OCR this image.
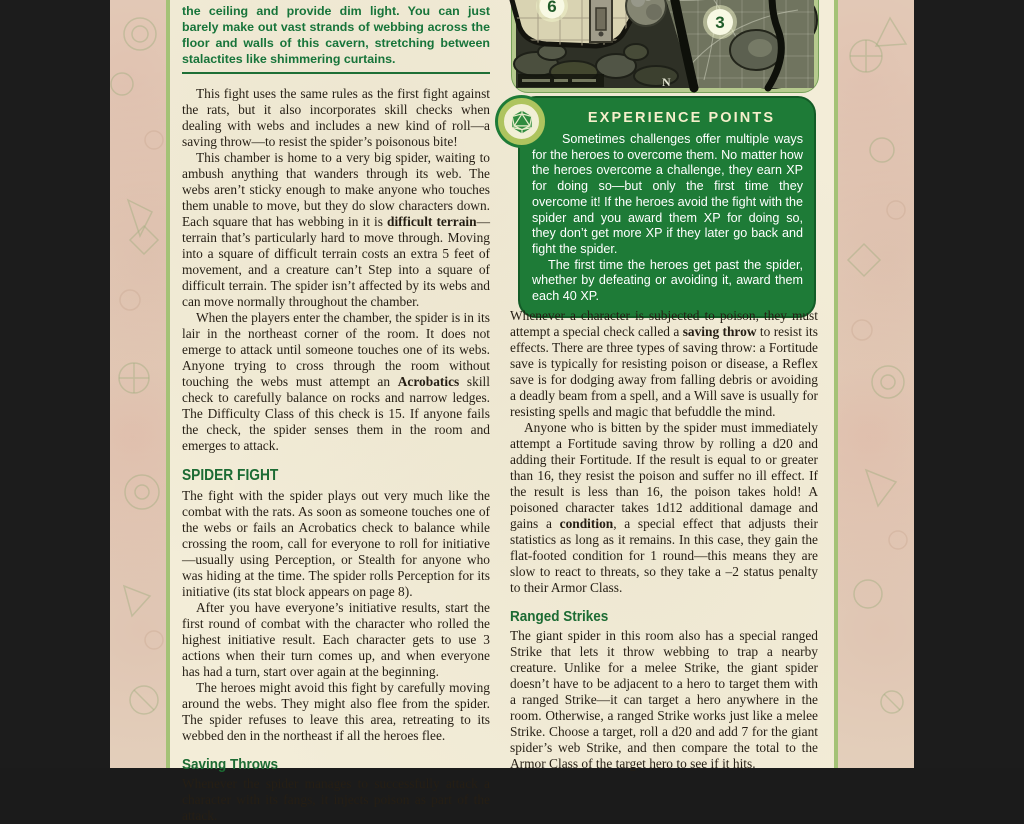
the ceiling and provide dim light. You can just barely make out vast strands of webbing across the floor and walls of this cavern, stretching between stalactites like shimmering curtains.

This fight uses the same rules as the first fight against the rats, but it also incorporates skill checks when dealing with webs and includes a new kind of roll—a saving throw—to resist the spider’s poisonous bite!

This chamber is home to a very big spider, waiting to ambush anything that wanders through its web. The webs aren’t sticky enough to make anyone who touches them unable to move, but they do slow characters down. Each square that has webbing in it is difficult terrain—terrain that’s particularly hard to move through. Moving into a square of difficult terrain costs an extra 5 feet of movement, and a creature can’t Step into a square of difficult terrain. The spider isn’t affected by its webs and can move normally throughout the chamber.

When the players enter the chamber, the spider is in its lair in the northeast corner of the room. It does not emerge to attack until someone touches one of its webs. Anyone trying to cross through the room without touching the webs must attempt an Acrobatics skill check to carefully balance on rocks and narrow ledges. The Difficulty Class of this check is 15. If anyone fails the check, the spider senses them in the room and emerges to attack.

SPIDER FIGHT

The fight with the spider plays out very much like the combat with the rats. As soon as someone touches one of the webs or fails an Acrobatics check to balance while crossing the room, call for everyone to roll for initiative—usually using Perception, or Stealth for anyone who was hiding at the time. The spider rolls Perception for its initiative (its stat block appears on page 8).

After you have everyone’s initiative results, start the first round of combat with the character who rolled the highest initiative result. Each character gets to use 3 actions when their turn comes up, and when everyone has had a turn, start over again at the beginning.

The heroes might avoid this fight by carefully moving around the webs. They might also flee from the spider. The spider refuses to leave this area, retreating to its webbed den in the northeast if all the heroes flee.

Saving Throws

Whenever the spider manages to successfully attack a character with its fangs, it injects poison as part of the attack.

6
3
N
EXPERIENCE POINTS

Sometimes challenges offer multiple ways for the heroes to overcome them. No matter how the heroes overcome a challenge, they earn XP for doing so—but only the first time they overcome it! If the heroes avoid the fight with the spider and you award them XP for doing so, they don’t get more XP if they later go back and fight the spider.

The first time the heroes get past the spider, whether by defeating or avoiding it, award them each 40 XP.

Whenever a character is subjected to poison, they must attempt a special check called a saving throw to resist its effects. There are three types of saving throw: a Fortitude save is typically for resisting poison or disease, a Reflex save is for dodging away from falling debris or avoiding a deadly beam from a spell, and a Will save is usually for resisting spells and magic that befuddle the mind.

Anyone who is bitten by the spider must immediately attempt a Fortitude saving throw by rolling a d20 and adding their Fortitude. If the result is equal to or greater than 16, they resist the poison and suffer no ill effect. If the result is less than 16, the poison takes hold! A poisoned character takes 1d12 additional damage and gains a condition, a special effect that adjusts their statistics as long as it remains. In this case, they gain the flat-footed condition for 1 round—this means they are slow to react to threats, so they take a –2 status penalty to their Armor Class.

Ranged Strikes

The giant spider in this room also has a special ranged Strike that lets it throw webbing to trap a nearby creature. Unlike for a melee Strike, the giant spider doesn’t have to be adjacent to a hero to target them with a ranged Strike—it can target a hero anywhere in the room. Otherwise, a ranged Strike works just like a melee Strike. Choose a target, roll a d20 and add 7 for the giant spider’s web Strike, and then compare the total to the Armor Class of the target hero to see if it hits.
